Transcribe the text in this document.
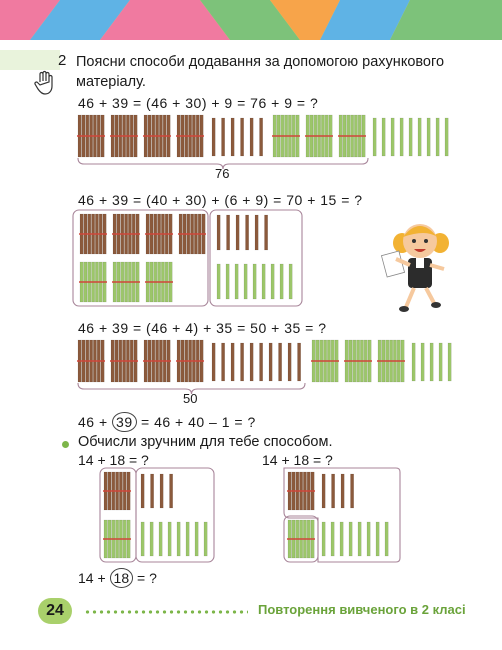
2 Поясни способи додавання за допомогою рахункового матеріалу.
46 + 39 = (46 + 30) + 9 = 76 + 9 = ?
76
46 + 39 = (40 + 30) + (6 + 9) = 70 + 15 = ?
46 + 39 = (46 + 4) + 35 = 50 + 35 = ?
50
46 + 39 = 46 + 40 – 1 = ?
Обчисли зручним для тебе способом.
14 + 18 = ?	14 + 18 = ?
14 + 18 = ?
24	Повторення вивченого в 2 класі
